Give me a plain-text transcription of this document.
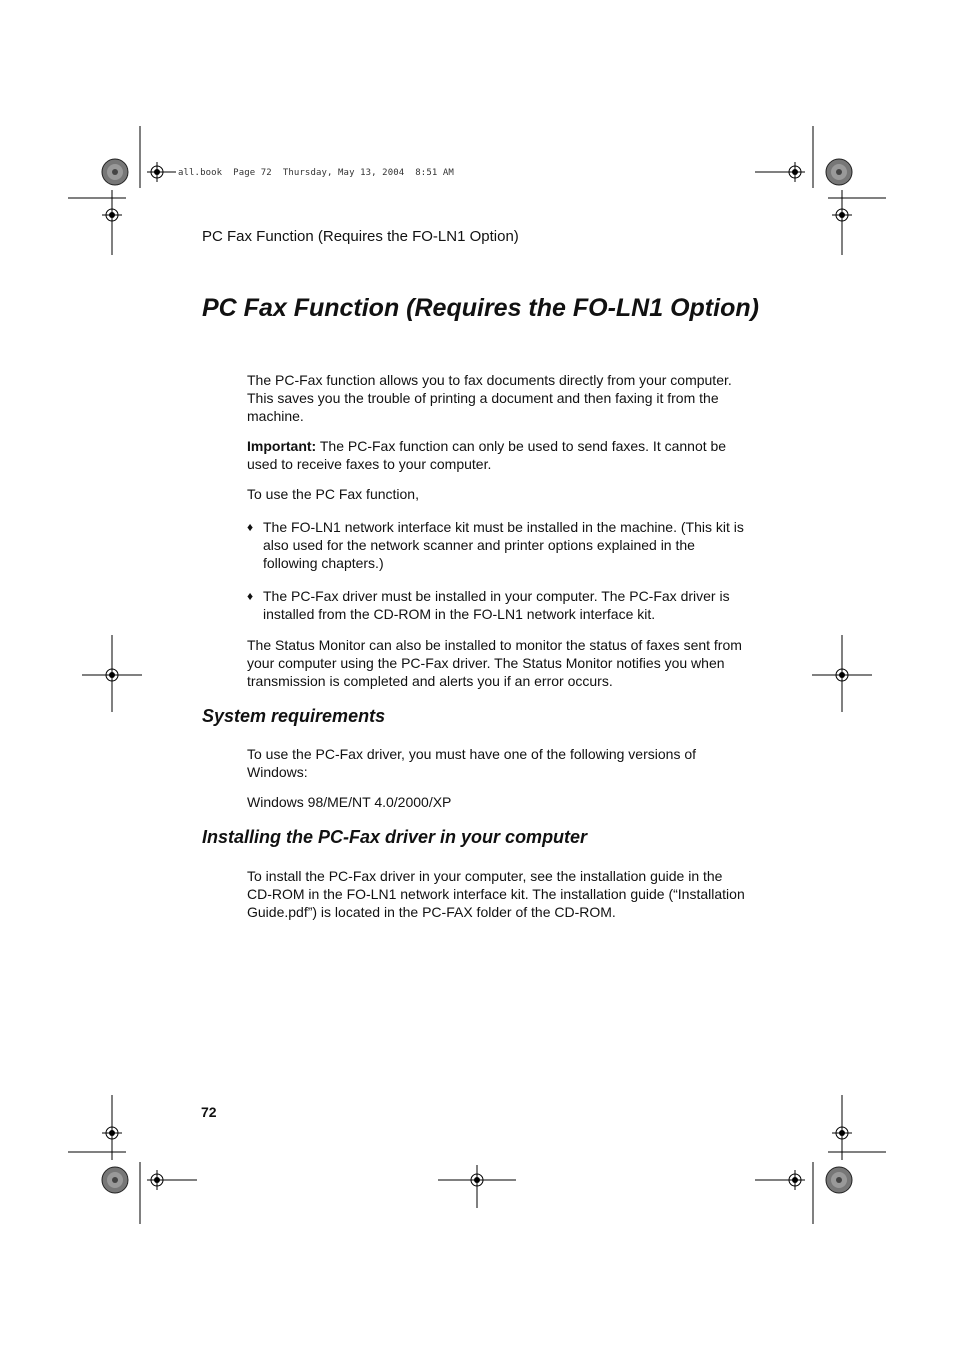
all.book  Page 72  Thursday, May 13, 2004  8:51 AM
PC Fax Function (Requires the FO-LN1 Option)
PC Fax Function (Requires the FO-LN1 Option)

The PC-Fax function allows you to fax documents directly from your computer. This saves you the trouble of printing a document and then faxing it from the machine.

Important: The PC-Fax function can only be used to send faxes. It cannot be used to receive faxes to your computer.

To use the PC Fax function,

♦ The FO-LN1 network interface kit must be installed in the machine. (This kit is also used for the network scanner and printer options explained in the following chapters.)
♦ The PC-Fax driver must be installed in your computer. The PC-Fax driver is installed from the CD-ROM in the FO-LN1 network interface kit.

The Status Monitor can also be installed to monitor the status of faxes sent from your computer using the PC-Fax driver. The Status Monitor notifies you when transmission is completed and alerts you if an error occurs.

System requirements

To use the PC-Fax driver, you must have one of the following versions of Windows:

Windows 98/ME/NT 4.0/2000/XP

Installing the PC-Fax driver in your computer

To install the PC-Fax driver in your computer, see the installation guide in the CD-ROM in the FO-LN1 network interface kit. The installation guide (“Installation Guide.pdf”) is located in the PC-FAX folder of the CD-ROM.

72
